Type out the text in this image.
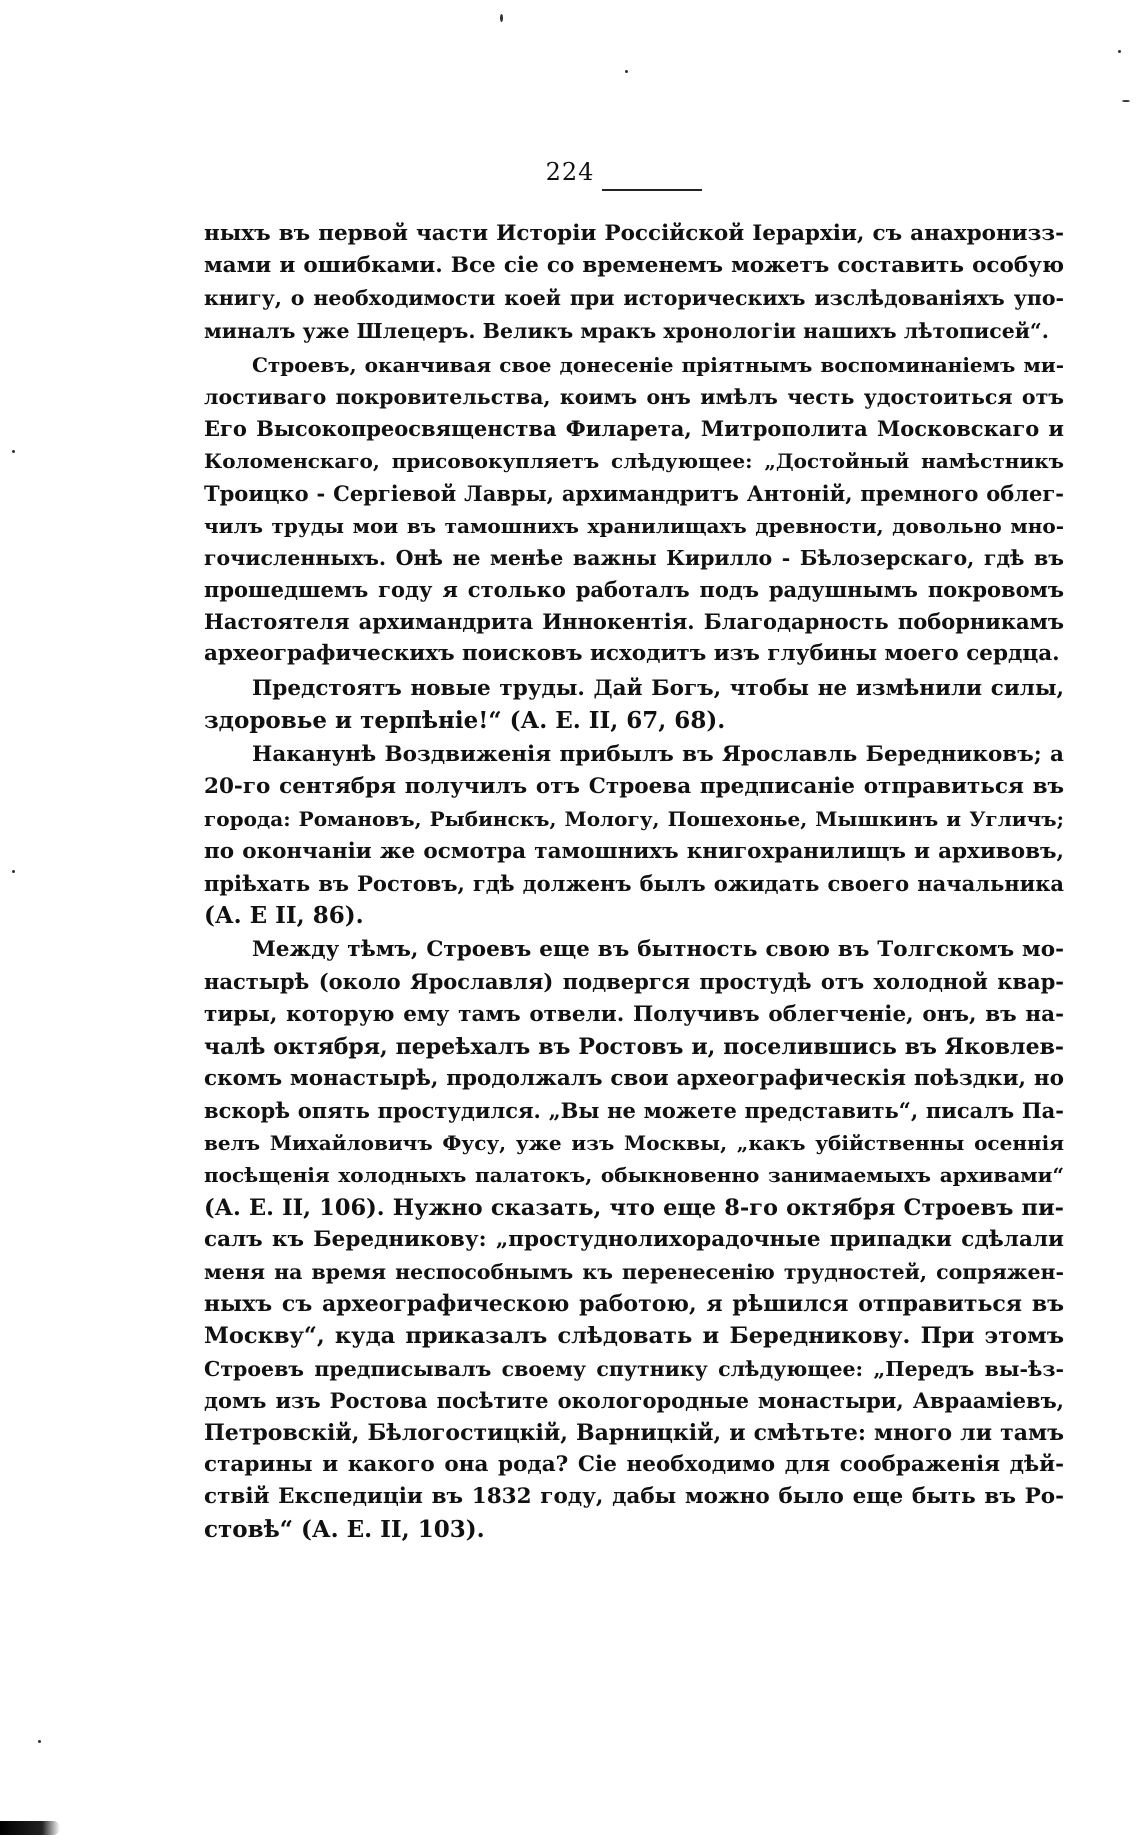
224
ныхъ въ первой части Исторіи Россійской Іерархіи, съ анахронизз-
мами и ошибками. Все сіе со временемъ можетъ составить особую
книгу, о необходимости коей при историческихъ изслѣдованіяхъ упо-
миналъ уже Шлецеръ. Великъ мракъ хронологіи нашихъ лѣтописей“.
Строевъ, оканчивая свое донесеніе пріятнымъ воспоминаніемъ ми-
лостиваго покровительства, коимъ онъ имѣлъ честь удостоиться отъ
Его Высокопреосвященства Филарета, Митрополита Московскаго и
Коломенскаго, присовокупляетъ слѣдующее: „Достойный намѣстникъ
Троицко - Сергіевой Лавры, архимандритъ Антоній, премного облег-
чилъ труды мои въ тамошнихъ хранилищахъ древности, довольно мно-
гочисленныхъ. Онѣ не менѣе важны Кирилло - Бѣлозерскаго, гдѣ въ
прошедшемъ году я столько работалъ подъ радушнымъ покровомъ
Настоятеля архимандрита Иннокентія. Благодарность поборникамъ
археографическихъ поисковъ исходитъ изъ глубины моего сердца.
Предстоятъ новые труды. Дай Богъ, чтобы не измѣнили силы,
здоровье и терпѣніе!“ (А. Е. II, 67, 68).
Наканунѣ Воздвиженія прибылъ въ Ярославль Бередниковъ; а
20-го сентября получилъ отъ Строева предписаніе отправиться въ
города: Романовъ, Рыбинскъ, Мологу, Пошехонье, Мышкинъ и Угличъ;
по окончаніи же осмотра тамошнихъ книгохранилищъ и архивовъ,
пріѣхать въ Ростовъ, гдѣ долженъ былъ ожидать своего начальника
(А. Е II, 86).
Между тѣмъ, Строевъ еще въ бытность свою въ Толгскомъ мо-
настырѣ (около Ярославля) подвергся простудѣ отъ холодной квар-
тиры, которую ему тамъ отвели. Получивъ облегченіе, онъ, въ на-
чалѣ октября, переѣхалъ въ Ростовъ и, поселившись въ Яковлев-
скомъ монастырѣ, продолжалъ свои археографическія поѣздки, но
вскорѣ опять простудился. „Вы не можете представить“, писалъ Па-
велъ Михайловичъ Фусу, уже изъ Москвы, „какъ убійственны осеннія
посѣщенія холодныхъ палатокъ, обыкновенно занимаемыхъ архивами“
(А. Е. II, 106). Нужно сказать, что еще 8-го октября Строевъ пи-
салъ къ Бередникову: „простуднолихорадочные припадки сдѣлали
меня на время неспособнымъ къ перенесенію трудностей, сопряжен-
ныхъ съ археографическою работою, я рѣшился отправиться въ
Москву“, куда приказалъ слѣдовать и Бередникову. При этомъ
Строевъ предписывалъ своему спутнику слѣдующее: „Передъ вы-ѣз-
домъ изъ Ростова посѣтите окологородные монастыри, Авраамiевъ,
Петровскій, Бѣлогостицкій, Варницкій, и смѣтьте: много ли тамъ
старины и какого она рода? Сіе необходимо для соображенія дѣй-
ствій Експедиціи въ 1832 году, дабы можно было еще быть въ Ро-
стовѣ“ (А. Е. II, 103).
